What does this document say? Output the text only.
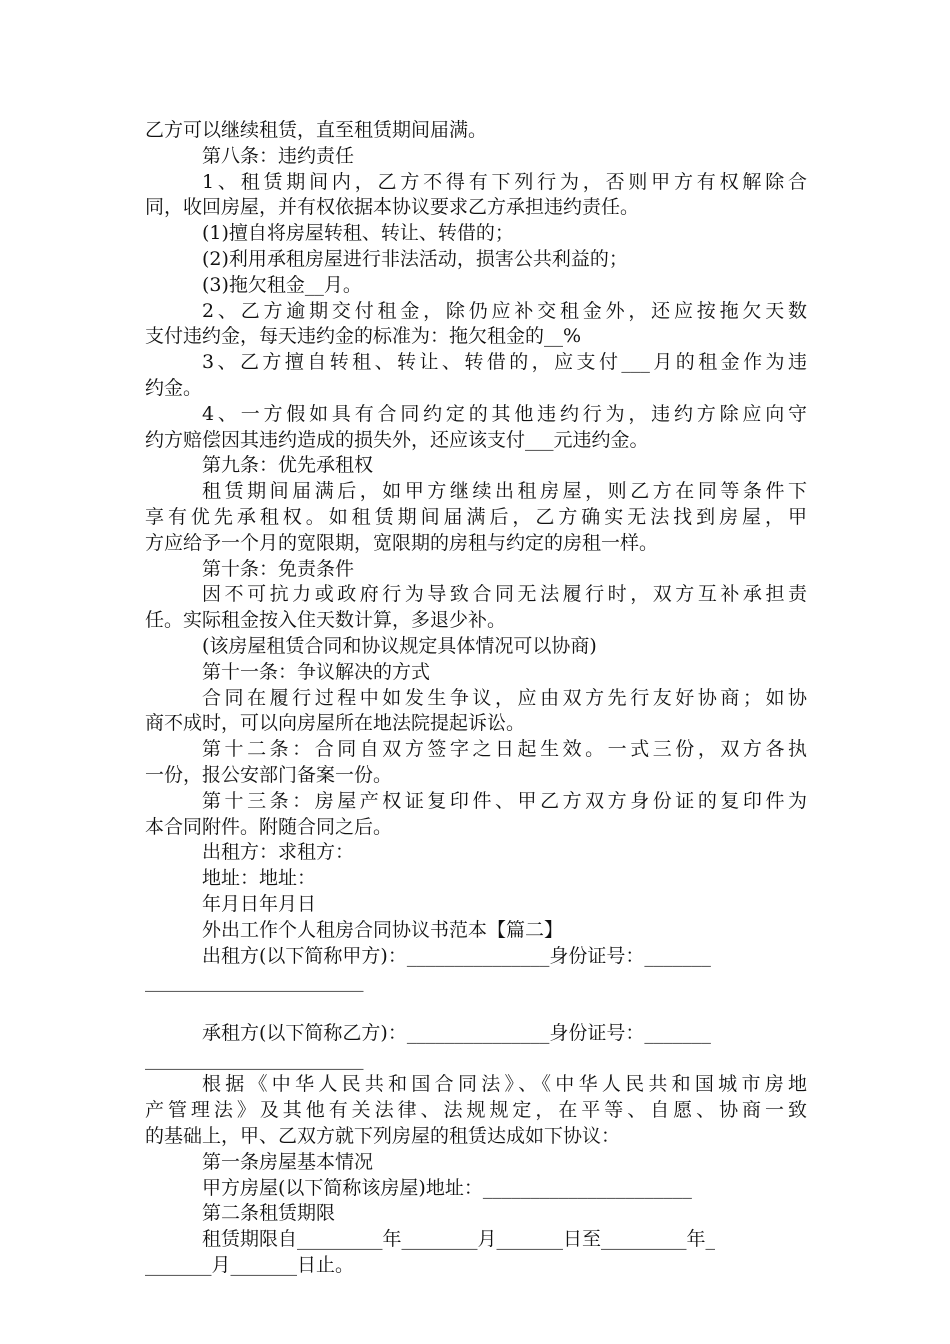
乙方可以继续租赁，直至租赁期间届满。
第八条：违约责任
1、租赁期间内，乙方不得有下列行为，否则甲方有权解除合
同，收回房屋，并有权依据本协议要求乙方承担违约责任。
(1)擅自将房屋转租、转让、转借的；
(2)利用承租房屋进行非法活动，损害公共利益的；
(3)拖欠租金__月。
2、乙方逾期交付租金，除仍应补交租金外，还应按拖欠天数
支付违约金，每天违约金的标准为：拖欠租金的__%
3、乙方擅自转租、转让、转借的，应支付___月的租金作为违
约金。
4、一方假如具有合同约定的其他违约行为，违约方除应向守
约方赔偿因其违约造成的损失外，还应该支付___元违约金。
第九条：优先承租权
租赁期间届满后，如甲方继续出租房屋，则乙方在同等条件下
享有优先承租权。如租赁期间届满后，乙方确实无法找到房屋，甲
方应给予一个月的宽限期，宽限期的房租与约定的房租一样。
第十条：免责条件
因不可抗力或政府行为导致合同无法履行时，双方互补承担责
任。实际租金按入住天数计算，多退少补。
(该房屋租赁合同和协议规定具体情况可以协商)
第十一条：争议解决的方式
合同在履行过程中如发生争议，应由双方先行友好协商；如协
商不成时，可以向房屋所在地法院提起诉讼。
第十二条：合同自双方签字之日起生效。一式三份，双方各执
一份，报公安部门备案一份。
第十三条：房屋产权证复印件、甲乙方双方身份证的复印件为
本合同附件。附随合同之后。
出租方：求租方：
地址：地址：
年月日年月日
外出工作个人租房合同协议书范本【篇二】
出租方(以下简称甲方)：_______________身份证号：_______
_______________________
承租方(以下简称乙方)：_______________身份证号：_______
_______________________
根据《中华人民共和国合同法》、《中华人民共和国城市房地
产管理法》及其他有关法律、法规规定，在平等、自愿、协商一致
的基础上，甲、乙双方就下列房屋的租赁达成如下协议：
第一条房屋基本情况
甲方房屋(以下简称该房屋)地址：______________________
第二条租赁期限
租赁期限自_________年________月_______日至_________年_
_______月_______日止。
